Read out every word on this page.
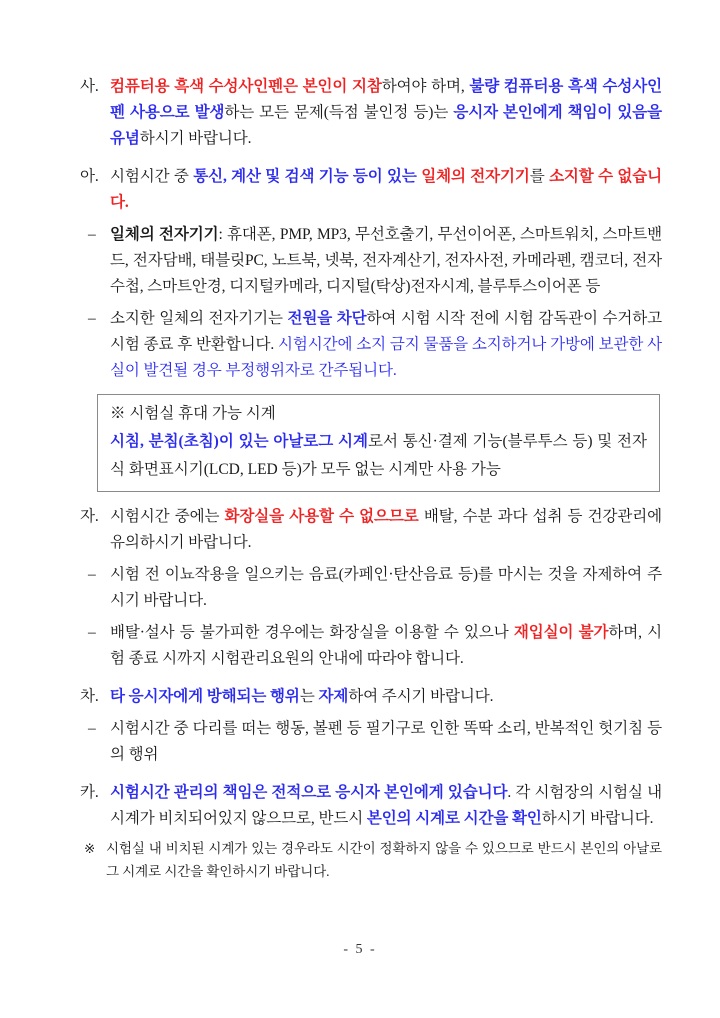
사. 컴퓨터용 흑색 수성사인펜은 본인이 지참하여야 하며, 불량 컴퓨터용 흑색 수성사인펜 사용으로 발생하는 모든 문제(득점 불인정 등)는 응시자 본인에게 책임이 있음을 유념하시기 바랍니다.
아. 시험시간 중 통신, 계산 및 검색 기능 등이 있는 일체의 전자기기를 소지할 수 없습니다.
– 일체의 전자기기: 휴대폰, PMP, MP3, 무선호출기, 무선이어폰, 스마트워치, 스마트밴드, 전자담배, 태블릿PC, 노트북, 넷북, 전자계산기, 전자사전, 카메라펜, 캠코더, 전자수첩, 스마트안경, 디지털카메라, 디지털(탁상)전자시계, 블루투스이어폰 등
– 소지한 일체의 전자기기는 전원을 차단하여 시험 시작 전에 시험 감독관이 수거하고 시험 종료 후 반환합니다. 시험시간에 소지 금지 물품을 소지하거나 가방에 보관한 사실이 발견될 경우 부정행위자로 간주됩니다.
※ 시험실 휴대 가능 시계
시침, 분침(초침)이 있는 아날로그 시계로서 통신·결제 기능(블루투스 등) 및 전자식 화면표시기(LCD, LED 등)가 모두 없는 시계만 사용 가능
자. 시험시간 중에는 화장실을 사용할 수 없으므로 배탈, 수분 과다 섭취 등 건강관리에 유의하시기 바랍니다.
– 시험 전 이뇨작용을 일으키는 음료(카페인·탄산음료 등)를 마시는 것을 자제하여 주시기 바랍니다.
– 배탈·설사 등 불가피한 경우에는 화장실을 이용할 수 있으나 재입실이 불가하며, 시험 종료 시까지 시험관리요원의 안내에 따라야 합니다.
차. 타 응시자에게 방해되는 행위는 자제하여 주시기 바랍니다.
– 시험시간 중 다리를 떠는 행동, 볼펜 등 필기구로 인한 똑딱 소리, 반복적인 헛기침 등의 행위
카. 시험시간 관리의 책임은 전적으로 응시자 본인에게 있습니다. 각 시험장의 시험실 내 시계가 비치되어있지 않으므로, 반드시 본인의 시계로 시간을 확인하시기 바랍니다.
※ 시험실 내 비치된 시계가 있는 경우라도 시간이 정확하지 않을 수 있으므로 반드시 본인의 아날로그 시계로 시간을 확인하시기 바랍니다.
- 5 -
